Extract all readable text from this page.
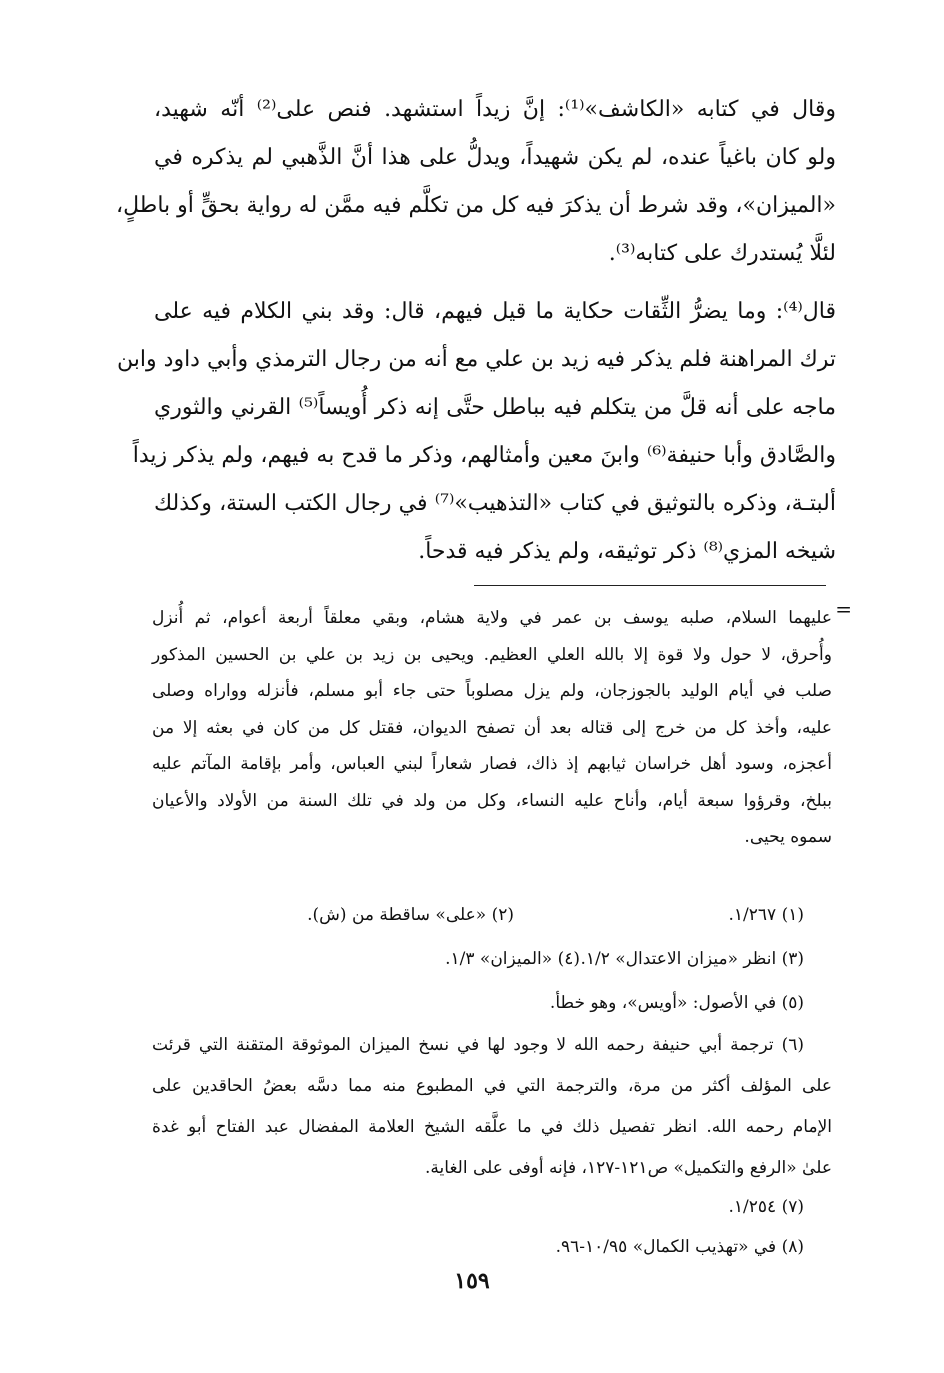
وقال في كتابه «الكاشف»⁽¹⁾: إنَّ زيداً استشهد. فنص على⁽²⁾ أنّه شهيد،
ولو كان باغياً عنده، لم يكن شهيداً، ويدلُّ على هذا أنَّ الذَّهبي لم يذكره في
«الميزان»، وقد شرط أن يذكرَ فيه كل من تكلَّم فيه ممَّن له رواية بحقٍّ أو باطلٍ،
لئلَّا يُستدرك على كتابه⁽³⁾.
قال⁽⁴⁾: وما يضرُّ الثِّقات حكاية ما قيل فيهم، قال: وقد بني الكلام فيه على
ترك المراهنة فلم يذكر فيه زيد بن علي مع أنه من رجال الترمذي وأبي داود وابن
ماجه على أنه قلَّ من يتكلم فيه بباطل حتَّى إنه ذكر أُويساً⁽⁵⁾ القرني والثوري
والصَّادق وأبا حنيفة⁽⁶⁾ وابنَ معين وأمثالهم، وذكر ما قدح به فيهم، ولم يذكر زيداً
ألبتـة، وذكره بالتوثيق في كتاب «التذهيب»⁽⁷⁾ في رجال الكتب الستة، وكذلك
شيخه المزي⁽⁸⁾ ذكر توثيقه، ولم يذكر فيه قدحاً.
=
عليهما السلام، صلبه يوسف بن عمر في ولاية هشام، وبقي معلقاً أربعة أعوام، ثم أُنزل
وأُحرق، لا حول ولا قوة إلا بالله العلي العظيم. ويحيى بن زيد بن علي بن الحسين المذكور
صلب في أيام الوليد بالجوزجان، ولم يزل مصلوباً حتى جاء أبو مسلم، فأنزله وواراه وصلى
عليه، وأخذ كل من خرج إلى قتاله بعد أن تصفح الديوان، فقتل كل من كان في بعثه إلا من
أعجزه، وسود أهل خراسان ثيابهم إذ ذاك، فصار شعاراً لبني العباس، وأمر بإقامة المآتم عليه
ببلخ، وقرؤوا سبعة أيام، وأناح عليه النساء، وكل من ولد في تلك السنة من الأولاد والأعيان
سموه يحيى.
(١) ١/٢٦٧.
(٢) «على» ساقطة من (ش).
(٣) انظر «ميزان الاعتدال» ١/٢.
(٤) «الميزان» ١/٣.
(٥) في الأصول: «أويس»، وهو خطأ.
(٦) ترجمة أبي حنيفة رحمه الله لا وجود لها في نسخ الميزان الموثوقة المتقنة التي قرئت
على المؤلف أكثر من مرة، والترجمة التي في المطبوع منه مما دسَّه بعضُ الحاقدين على
الإمام رحمه الله. انظر تفصيل ذلك في ما علَّقه الشيخ العلامة المفضال عبد الفتاح أبو غدة
علىٰ «الرفع والتكميل» ص١٢١-١٢٧، فإنه أوفى على الغاية.
(٧) ١/٢٥٤.
(٨) في «تهذيب الكمال» ١٠/٩٥-٩٦.
١٥٩
